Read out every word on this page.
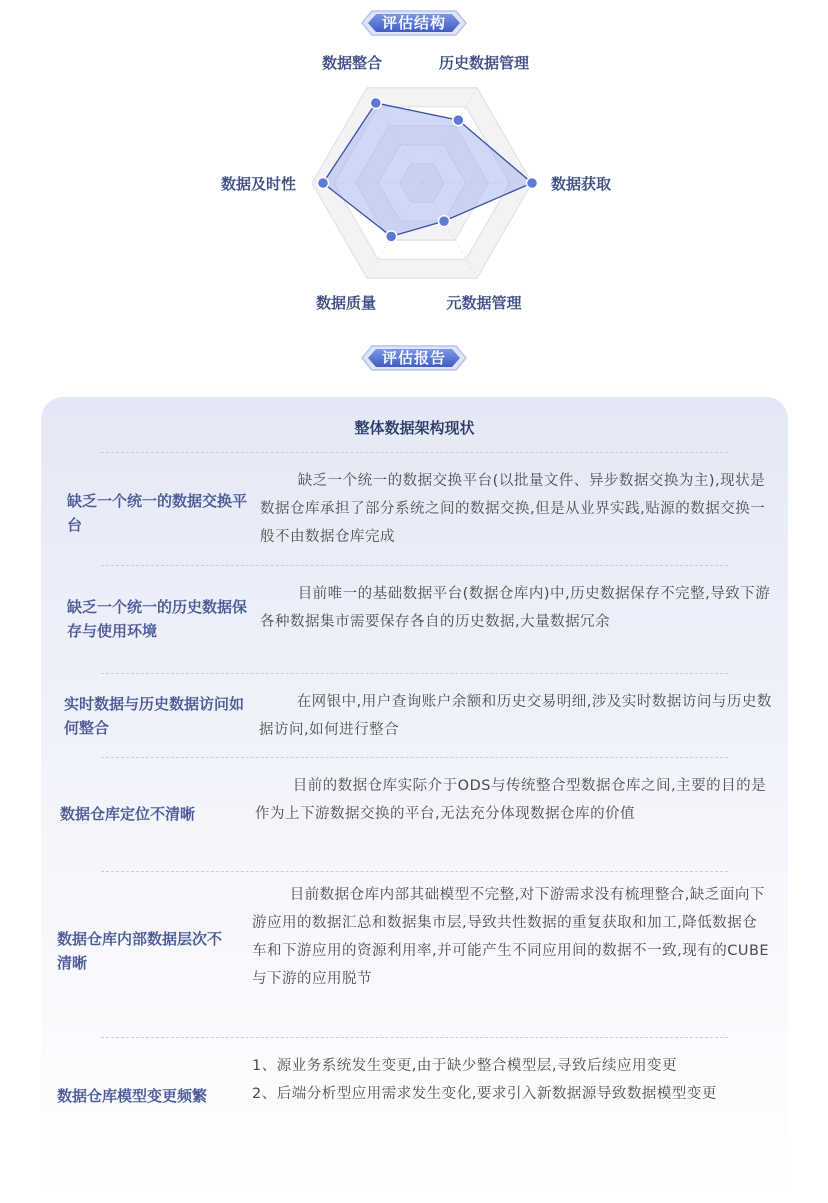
评估结构
数据整合	历史数据管理
数据获取
元数据管理
数据质量
数据及时性
评估报告
整体数据架构现状
缺乏一个统一的数据交换平台
缺乏一个统一的数据交换平台(以批量文件、异步数据交换为主),现状是数据仓库承担了部分系统之间的数据交换,但是从业界实践,贴源的数据交换一般不由数据仓库完成
缺乏一个统一的历史数据保存与使用环境
目前唯一的基础数据平台(数据仓库内)中,历史数据保存不完整,导致下游各种数据集市需要保存各自的历史数据,大量数据冗余
实时数据与历史数据访问如何整合
在网银中,用户查询账户余额和历史交易明细,涉及实时数据访问与历史数据访问,如何进行整合
数据仓库定位不清晰
目前的数据仓库实际介于ODS与传统整合型数据仓库之间,主要的目的是作为上下游数据交换的平台,无法充分体现数据仓库的价值
数据仓库内部数据层次不清晰
目前数据仓库内部其础模型不完整,对下游需求没有梳理整合,缺乏面向下游应用的数据汇总和数据集市层,导致共性数据的重复获取和加工,降低数据仓车和下游应用的资源利用率,并可能产生不同应用间的数据不一致,现有的CUBE与下游的应用脱节
数据仓库模型变更频繁
1、源业务系统发生变更,由于缺少整合模型层,寻致后续应用变更
2、后端分析型应用需求发生变化,要求引入新数据源导致数据模型变更
